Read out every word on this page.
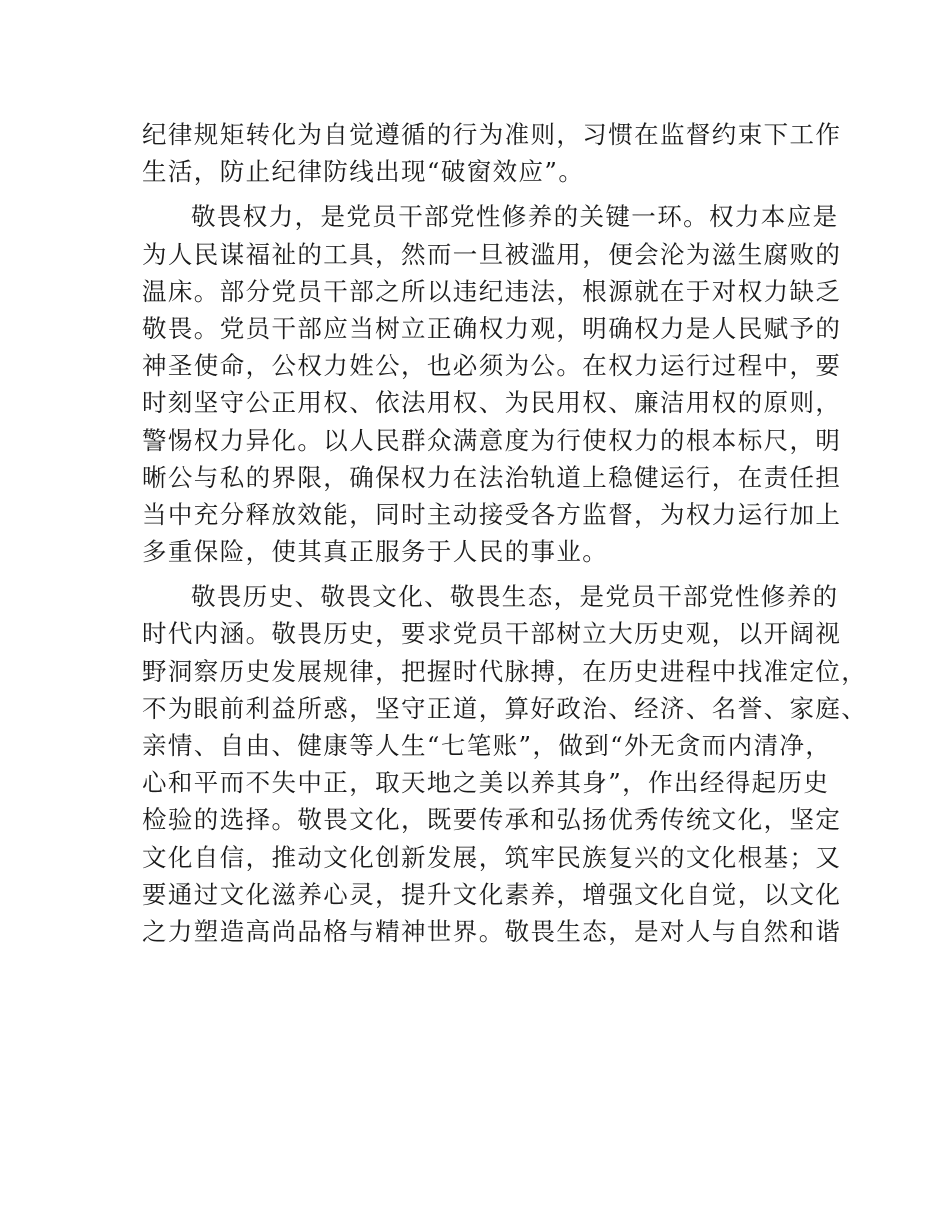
纪律规矩转化为自觉遵循的行为准则，习惯在监督约束下工作
生活，防止纪律防线出现“破窗效应”。
敬畏权力，是党员干部党性修养的关键一环。权力本应是
为人民谋福祉的工具，然而一旦被滥用，便会沦为滋生腐败的
温床。部分党员干部之所以违纪违法，根源就在于对权力缺乏
敬畏。党员干部应当树立正确权力观，明确权力是人民赋予的
神圣使命，公权力姓公，也必须为公。在权力运行过程中，要
时刻坚守公正用权、依法用权、为民用权、廉洁用权的原则，
警惕权力异化。以人民群众满意度为行使权力的根本标尺，明
晰公与私的界限，确保权力在法治轨道上稳健运行，在责任担
当中充分释放效能，同时主动接受各方监督，为权力运行加上
多重保险，使其真正服务于人民的事业。
敬畏历史、敬畏文化、敬畏生态，是党员干部党性修养的
时代内涵。敬畏历史，要求党员干部树立大历史观，以开阔视
野洞察历史发展规律，把握时代脉搏，在历史进程中找准定位，
不为眼前利益所惑，坚守正道，算好政治、经济、名誉、家庭、
亲情、自由、健康等人生“七笔账”，做到“外无贪而内清净，
心和平而不失中正，取天地之美以养其身”，作出经得起历史
检验的选择。敬畏文化，既要传承和弘扬优秀传统文化，坚定
文化自信，推动文化创新发展，筑牢民族复兴的文化根基；又
要通过文化滋养心灵，提升文化素养，增强文化自觉，以文化
之力塑造高尚品格与精神世界。敬畏生态，是对人与自然和谐
